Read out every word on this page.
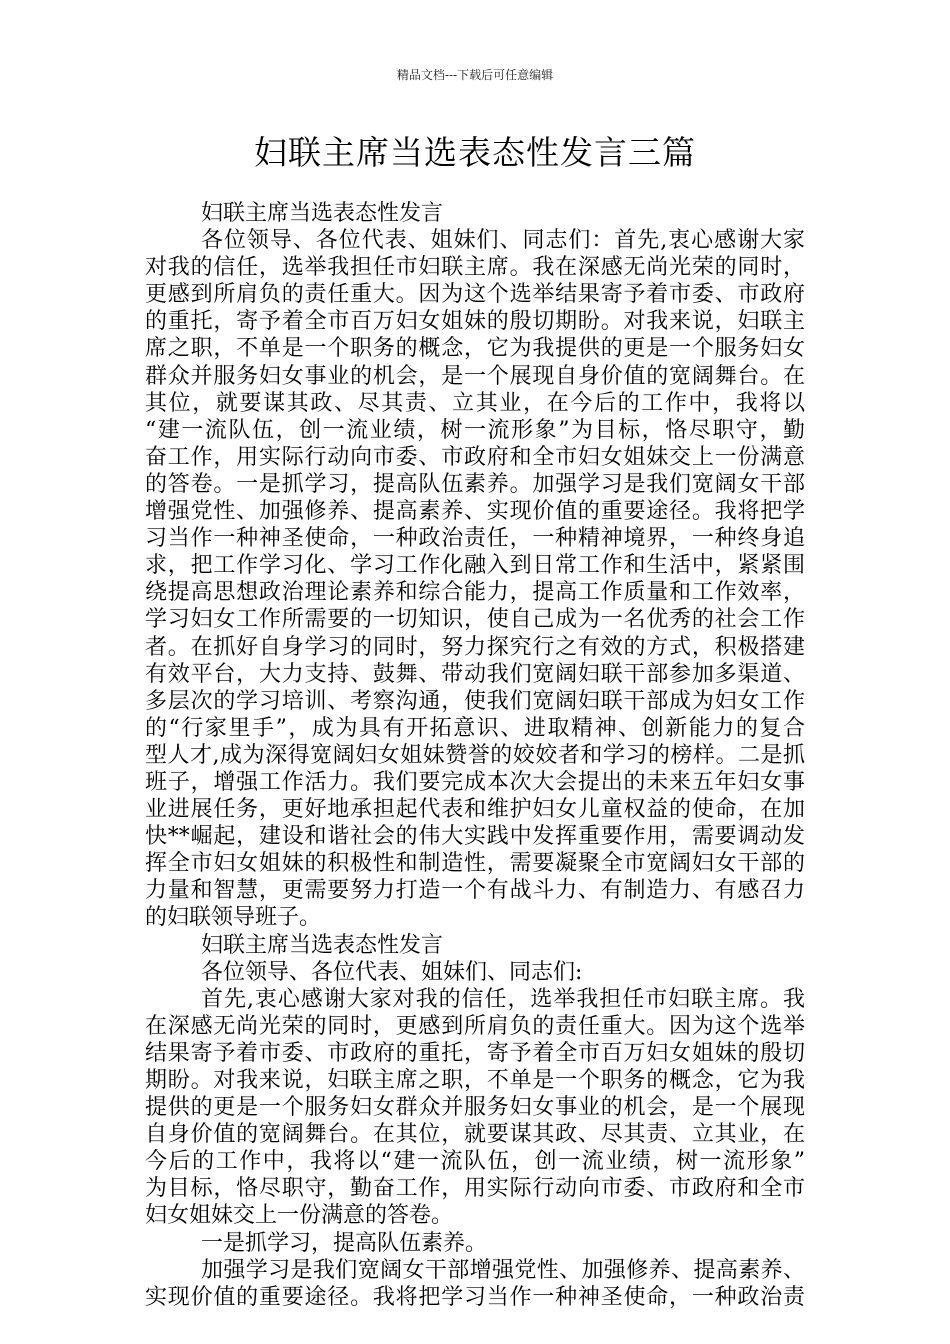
精品文档---下载后可任意编辑
妇联主席当选表态性发言三篇
妇联主席当选表态性发言
各位领导、各位代表、姐妹们、同志们：首先,衷心感谢大家
对我的信任，选举我担任市妇联主席。我在深感无尚光荣的同时，
更感到所肩负的责任重大。因为这个选举结果寄予着市委、市政府
的重托，寄予着全市百万妇女姐妹的殷切期盼。对我来说，妇联主
席之职，不单是一个职务的概念，它为我提供的更是一个服务妇女
群众并服务妇女事业的机会，是一个展现自身价值的宽阔舞台。在
其位，就要谋其政、尽其责、立其业，在今后的工作中，我将以
“建一流队伍，创一流业绩，树一流形象”为目标，恪尽职守，勤
奋工作，用实际行动向市委、市政府和全市妇女姐妹交上一份满意
的答卷。一是抓学习，提高队伍素养。加强学习是我们宽阔女干部
增强党性、加强修养、提高素养、实现价值的重要途径。我将把学
习当作一种神圣使命，一种政治责任，一种精神境界，一种终身追
求，把工作学习化、学习工作化融入到日常工作和生活中，紧紧围
绕提高思想政治理论素养和综合能力，提高工作质量和工作效率，
学习妇女工作所需要的一切知识，使自己成为一名优秀的社会工作
者。在抓好自身学习的同时，努力探究行之有效的方式，积极搭建
有效平台，大力支持、鼓舞、带动我们宽阔妇联干部参加多渠道、
多层次的学习培训、考察沟通，使我们宽阔妇联干部成为妇女工作
的“行家里手”，成为具有开拓意识、进取精神、创新能力的复合
型人才,成为深得宽阔妇女姐妹赞誉的姣姣者和学习的榜样。二是抓
班子，增强工作活力。我们要完成本次大会提出的未来五年妇女事
业进展任务，更好地承担起代表和维护妇女儿童权益的使命，在加
快**崛起，建设和谐社会的伟大实践中发挥重要作用，需要调动发
挥全市妇女姐妹的积极性和制造性，需要凝聚全市宽阔妇女干部的
力量和智慧，更需要努力打造一个有战斗力、有制造力、有感召力
的妇联领导班子。
妇联主席当选表态性发言
各位领导、各位代表、姐妹们、同志们:
首先,衷心感谢大家对我的信任，选举我担任市妇联主席。我
在深感无尚光荣的同时，更感到所肩负的责任重大。因为这个选举
结果寄予着市委、市政府的重托，寄予着全市百万妇女姐妹的殷切
期盼。对我来说，妇联主席之职，不单是一个职务的概念，它为我
提供的更是一个服务妇女群众并服务妇女事业的机会，是一个展现
自身价值的宽阔舞台。在其位，就要谋其政、尽其责、立其业，在
今后的工作中，我将以“建一流队伍，创一流业绩，树一流形象”
为目标，恪尽职守，勤奋工作，用实际行动向市委、市政府和全市
妇女姐妹交上一份满意的答卷。
一是抓学习，提高队伍素养。
加强学习是我们宽阔女干部增强党性、加强修养、提高素养、
实现价值的重要途径。我将把学习当作一种神圣使命，一种政治责
